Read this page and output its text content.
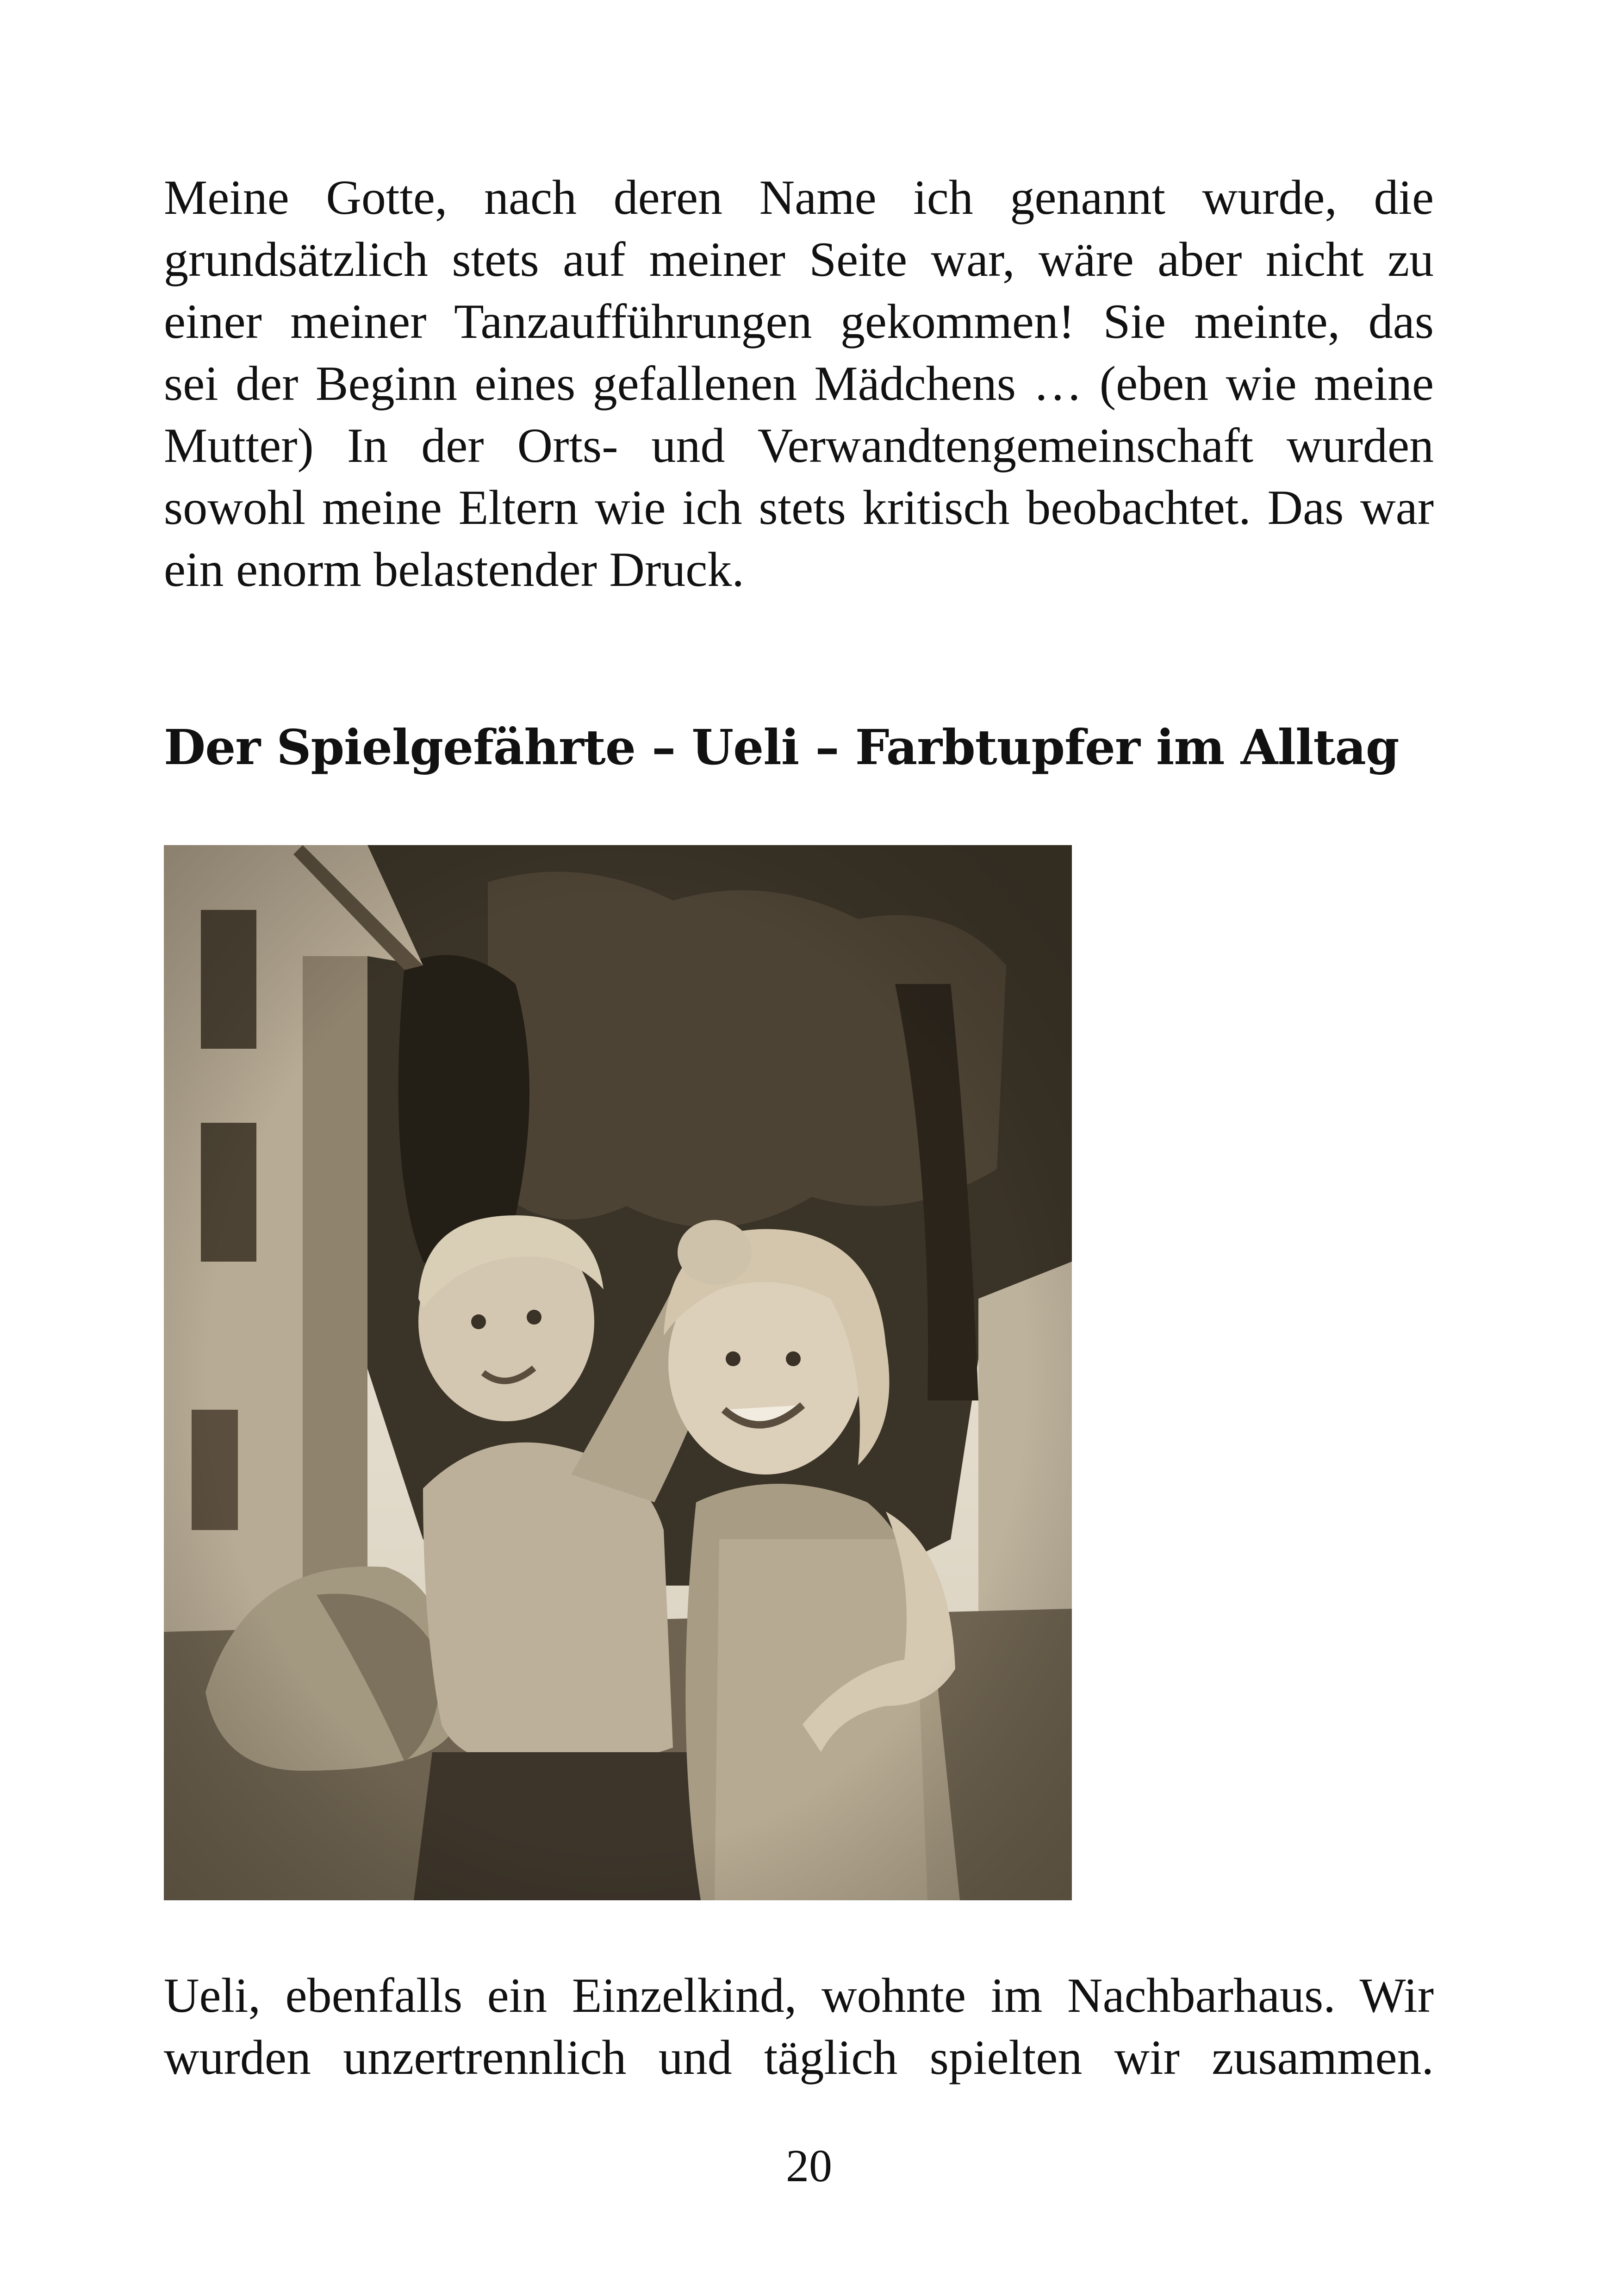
Meine Gotte, nach deren Name ich genannt wurde, die
grundsätzlich stets auf meiner Seite war, wäre aber nicht zu
einer meiner Tanzaufführungen gekommen! Sie meinte, das
sei der Beginn eines gefallenen Mädchens … (eben wie meine
Mutter) In der Orts- und Verwandtengemeinschaft wurden
sowohl meine Eltern wie ich stets kritisch beobachtet. Das war
ein enorm belastender Druck.
Der Spielgefährte – Ueli – Farbtupfer im Alltag
Ueli, ebenfalls ein Einzelkind, wohnte im Nachbarhaus. Wir
wurden unzertrennlich und täglich spielten wir zusammen.
20
